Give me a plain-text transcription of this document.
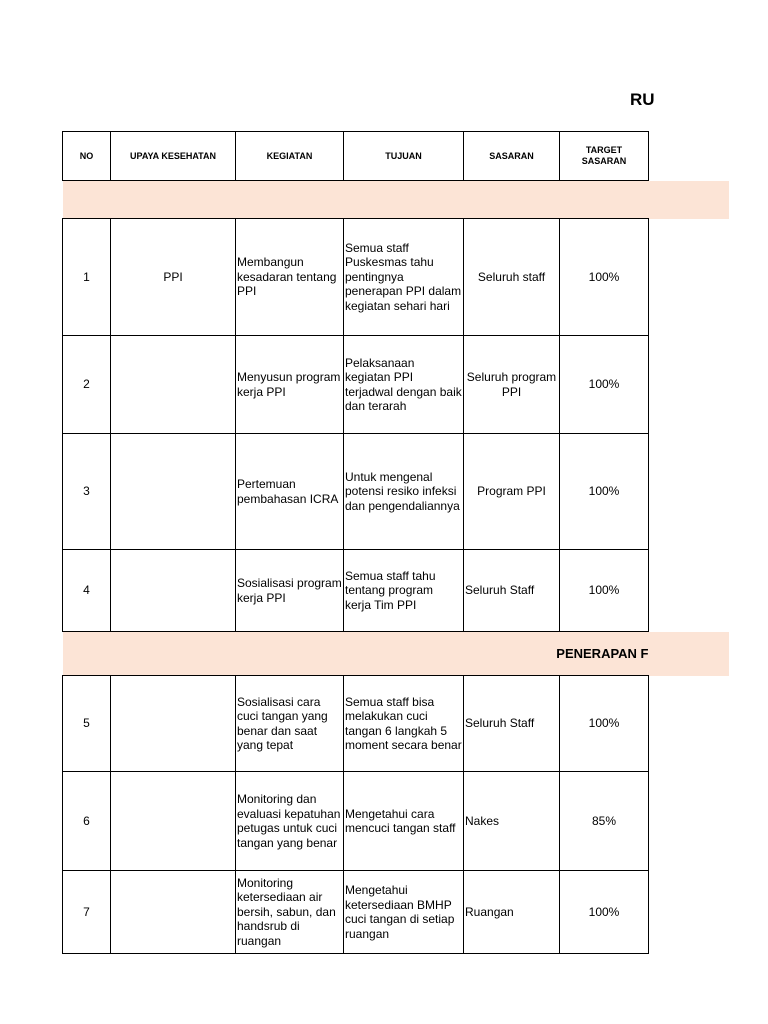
RU
NO	UPAYA KESEHATAN	KEGIATAN	TUJUAN	SASARAN	TARGET SASARAN	

1	PPI	Membangun kesadaran tentang PPI	Semua staff Puskesmas tahu pentingnya penerapan PPI dalam kegiatan sehari hari	Seluruh staff	100%	
2		Menyusun program kerja PPI	Pelaksanaan kegiatan PPI terjadwal dengan baik dan terarah	Seluruh program PPI	100%	
3		Pertemuan pembahasan ICRA	Untuk mengenal potensi resiko infeksi dan pengendaliannya	Program PPI	100%	
4		Sosialisasi program kerja PPI	Semua staff tahu tentang program kerja Tim PPI	Seluruh Staff	100%	
PENERAPAN F						
5		Sosialisasi cara cuci tangan yang benar dan saat yang tepat	Semua staff bisa melakukan cuci tangan 6 langkah 5 moment secara benar	Seluruh Staff	100%	
6		Monitoring dan evaluasi kepatuhan petugas untuk cuci tangan yang benar	Mengetahui cara mencuci tangan staff	Nakes	85%	
7		Monitoring ketersediaan air bersih, sabun, dan handsrub di ruangan	Mengetahui ketersediaan BMHP cuci tangan di setiap ruangan	Ruangan	100%	
